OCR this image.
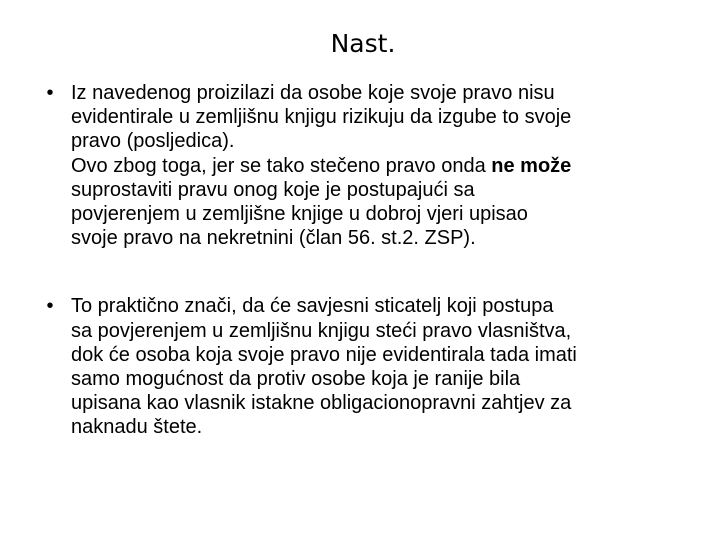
Nast.
• Iz navedenog proizilazi da osobe koje svoje pravo nisu
evidentirale u zemljišnu knjigu rizikuju da izgube to svoje
pravo (posljedica).
Ovo zbog toga, jer se tako stečeno pravo onda ne može
suprostaviti pravu onog koje je postupajući sa
povjerenjem u zemljišne knjige u dobroj vjeri upisao
svoje pravo na nekretnini (član 56. st.2. ZSP).
• To praktično znači, da će savjesni sticatelj koji postupa
sa povjerenjem u zemljišnu knjigu steći pravo vlasništva,
dok će osoba koja svoje pravo nije evidentirala tada imati
samo mogućnost da protiv osobe koja je ranije bila
upisana kao vlasnik istakne obligacionopravni zahtjev za
naknadu štete.
